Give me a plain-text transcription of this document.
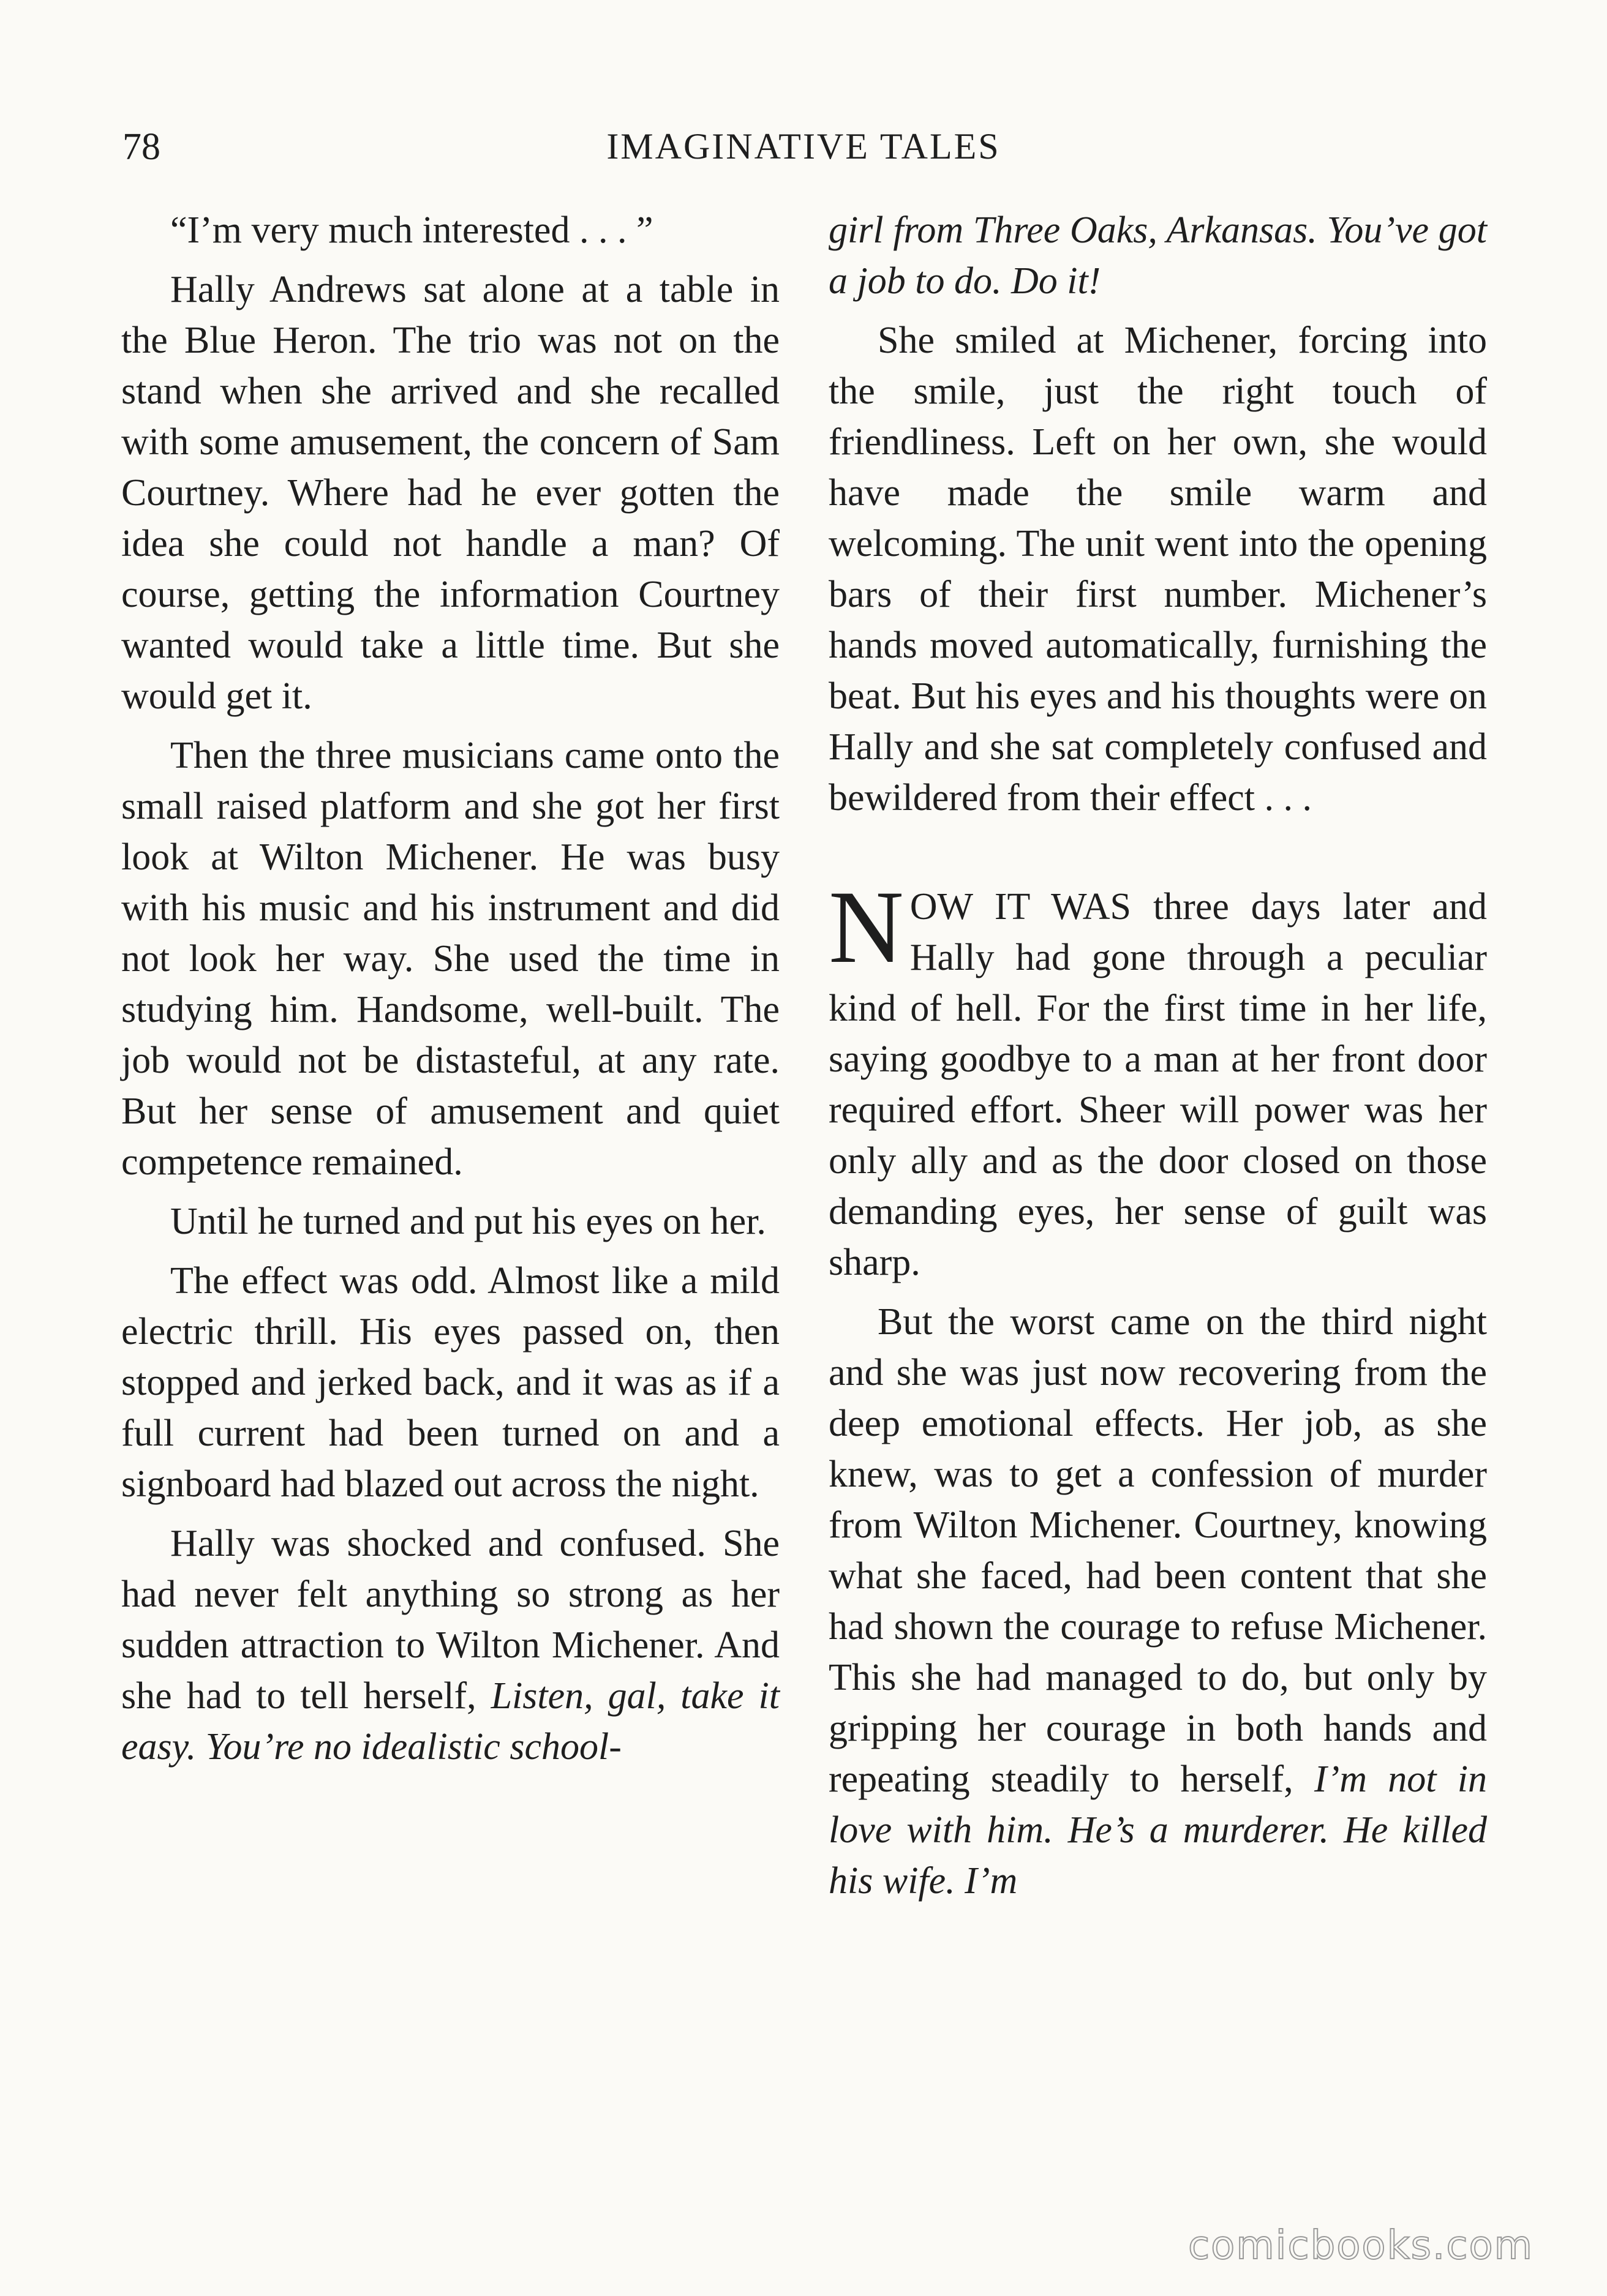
78	IMAGINATIVE TALES

“I’m very much interested . . . ”

Hally Andrews sat alone at a table in the Blue Heron. The trio was not on the stand when she arrived and she recalled with some amusement, the concern of Sam Courtney. Where had he ever gotten the idea she could not handle a man? Of course, getting the information Courtney wanted would take a little time. But she would get it.

Then the three musicians came onto the small raised platform and she got her first look at Wilton Michener. He was busy with his music and his instrument and did not look her way. She used the time in studying him. Handsome, well-built. The job would not be distasteful, at any rate. But her sense of amusement and quiet competence remained.

Until he turned and put his eyes on her.

The effect was odd. Almost like a mild electric thrill. His eyes passed on, then stopped and jerked back, and it was as if a full current had been turned on and a signboard had blazed out across the night.

Hally was shocked and confused. She had never felt anything so strong as her sudden attraction to Wilton Michener. And she had to tell herself, Listen, gal, take it easy. You’re no idealistic school-

girl from Three Oaks, Arkansas. You’ve got a job to do. Do it!

She smiled at Michener, forcing into the smile, just the right touch of friendliness. Left on her own, she would have made the smile warm and welcoming. The unit went into the opening bars of their first number. Michener’s hands moved automatically, furnishing the beat. But his eyes and his thoughts were on Hally and she sat completely confused and bewildered from their effect . . .

NOW IT WAS three days later and Hally had gone through a peculiar kind of hell. For the first time in her life, saying goodbye to a man at her front door required effort. Sheer will power was her only ally and as the door closed on those demanding eyes, her sense of guilt was sharp.

But the worst came on the third night and she was just now recovering from the deep emotional effects. Her job, as she knew, was to get a confession of murder from Wilton Michener. Courtney, knowing what she faced, had been content that she had shown the courage to refuse Michener. This she had managed to do, but only by gripping her courage in both hands and repeating steadily to herself, I’m not in love with him. He’s a murderer. He killed his wife. I’m

comicbooks.com
